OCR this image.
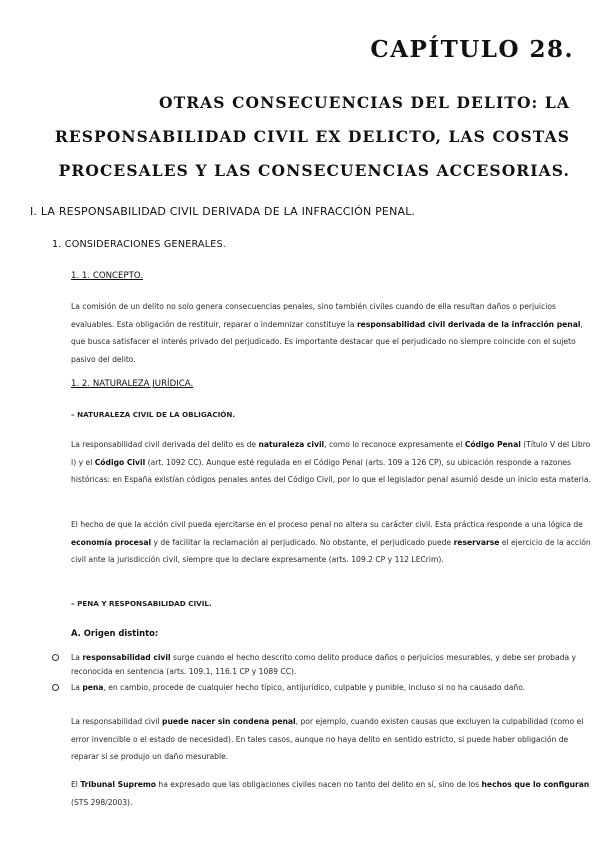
CAPÍTULO 28.
OTRAS CONSECUENCIAS DEL DELITO: LA
RESPONSABILIDAD CIVIL EX DELICTO, LAS COSTAS
PROCESALES Y LAS CONSECUENCIAS ACCESORIAS.
I. LA RESPONSABILIDAD CIVIL DERIVADA DE LA INFRACCIÓN PENAL.
1. CONSIDERACIONES GENERALES.
1. 1. CONCEPTO.
La comisión de un delito no solo genera consecuencias penales, sino también civiles cuando de ella resultan daños o perjuicios evaluables. Esta obligación de restituir, reparar o indemnizar constituye la responsabilidad civil derivada de la infracción penal, que busca satisfacer el interés privado del perjudicado. Es importante destacar que el perjudicado no siempre coincide con el sujeto pasivo del delito.
1. 2. NATURALEZA JURÍDICA.
– NATURALEZA CIVIL DE LA OBLIGACIÓN.
La responsabilidad civil derivada del delito es de naturaleza civil, como lo reconoce expresamente el Código Penal (Título V del Libro I) y el Código Civil (art. 1092 CC). Aunque esté regulada en el Código Penal (arts. 109 a 126 CP), su ubicación responde a razones históricas: en España existían códigos penales antes del Código Civil, por lo que el legislador penal asumió desde un inicio esta materia.
El hecho de que la acción civil pueda ejercitarse en el proceso penal no altera su carácter civil. Esta práctica responde a una lógica de economía procesal y de facilitar la reclamación al perjudicado. No obstante, el perjudicado puede reservarse el ejercicio de la acción civil ante la jurisdicción civil, siempre que lo declare expresamente (arts. 109.2 CP y 112 LECrim).
– PENA Y RESPONSABILIDAD CIVIL.
A. Origen distinto:
La responsabilidad civil surge cuando el hecho descrito como delito produce daños o perjuicios mesurables, y debe ser probada y reconocida en sentencia (arts. 109.1, 116.1 CP y 1089 CC).
La pena, en cambio, procede de cualquier hecho típico, antijurídico, culpable y punible, incluso si no ha causado daño.
La responsabilidad civil puede nacer sin condena penal, por ejemplo, cuando existen causas que excluyen la culpabilidad (como el error invencible o el estado de necesidad). En tales casos, aunque no haya delito en sentido estricto, si puede haber obligación de reparar si se produjo un daño mesurable.
El Tribunal Supremo ha expresado que las obligaciones civiles nacen no tanto del delito en sí, sino de los hechos que lo configuran (STS 298/2003).
